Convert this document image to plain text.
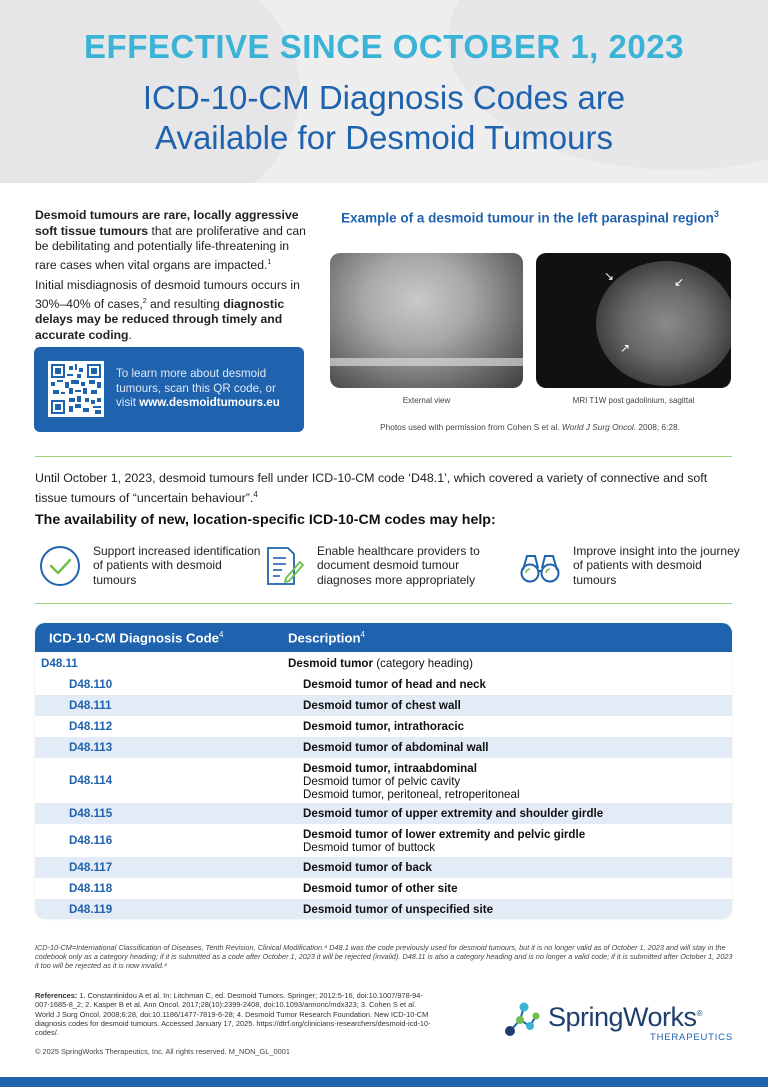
EFFECTIVE SINCE OCTOBER 1, 2023
ICD-10-CM Diagnosis Codes are
Available for Desmoid Tumours

Desmoid tumours are rare, locally aggressive soft tissue tumours that are proliferative and can be debilitating and potentially life-threatening in rare cases when vital organs are impacted.$^1$

Initial misdiagnosis of desmoid tumours occurs in 30%–40% of cases,$^2$ and resulting diagnostic delays may be reduced through timely and accurate coding.

To learn more about desmoid tumours, scan this QR code, or visit www.desmoidtumours.eu
Example of a desmoid tumour in the left paraspinal region$^3$
↘	↙
↗
External view	MRI T1W post gadolinium, sagittal
Photos used with permission from Cohen S et al. World J Surg Oncol. 2008; 6:28.
Until October 1, 2023, desmoid tumours fell under ICD-10-CM code ‘D48.1’, which covered a variety of connective and soft tissue tumours of “uncertain behaviour”.$^4$
The availability of new, location-specific ICD-10-CM codes may help:
Support increased identification of patients with desmoid tumours
Enable healthcare providers to document desmoid tumour diagnoses more appropriately
Improve insight into the journey of patients with desmoid tumours
ICD-10-CM Diagnosis Code$^4$	Description$^4$
D48.11	Desmoid tumor (category heading)
D48.110	Desmoid tumor of head and neck
D48.111	Desmoid tumor of chest wall
D48.112	Desmoid tumor, intrathoracic
D48.113	Desmoid tumor of abdominal wall
D48.114
Desmoid tumor, intraabdominal
Desmoid tumor of pelvic cavity
Desmoid tumor, peritoneal, retroperitoneal
D48.115	Desmoid tumor of upper extremity and shoulder girdle
D48.116	Desmoid tumor of lower extremity and pelvic girdle
Desmoid tumor of buttock
D48.117	Desmoid tumor of back
D48.118	Desmoid tumor of other site
D48.119	Desmoid tumor of unspecified site
ICD-10-CM=International Classification of Diseases, Tenth Revision, Clinical Modification.⁴ D48.1 was the code previously used for desmoid tumours, but it is no longer valid as of October 1, 2023 and will stay in the codebook only as a category heading; if it is submitted as a code after October 1, 2023 it will be rejected (invalid). D48.11 is also a category heading and is no longer a valid code; if it is submitted after October 1, 2023 it too will be rejected as it is now invalid.⁴
References: 1. Constantinidou A et al. In: Litchman C, ed. Desmoid Tumors. Springer; 2012:5-16, doi:10.1007/978-94-007-1685-8_2; 2. Kasper B et al. Ann Oncol. 2017;28(10):2399-2408, doi:10.1093/annonc/mdx323; 3. Cohen S et al. World J Surg Oncol. 2008;6:28, doi:10.1186/1477-7819-6-28; 4. Desmoid Tumor Research Foundation. New ICD-10-CM diagnosis codes for desmoid tumours. Accessed January 17, 2025. https://dtrf.org/clinicians-researchers/desmoid-icd-10-codes/.
© 2025 SpringWorks Therapeutics, Inc. All rights reserved. M_NON_GL_0001
SpringWorks®
THERAPEUTICS
